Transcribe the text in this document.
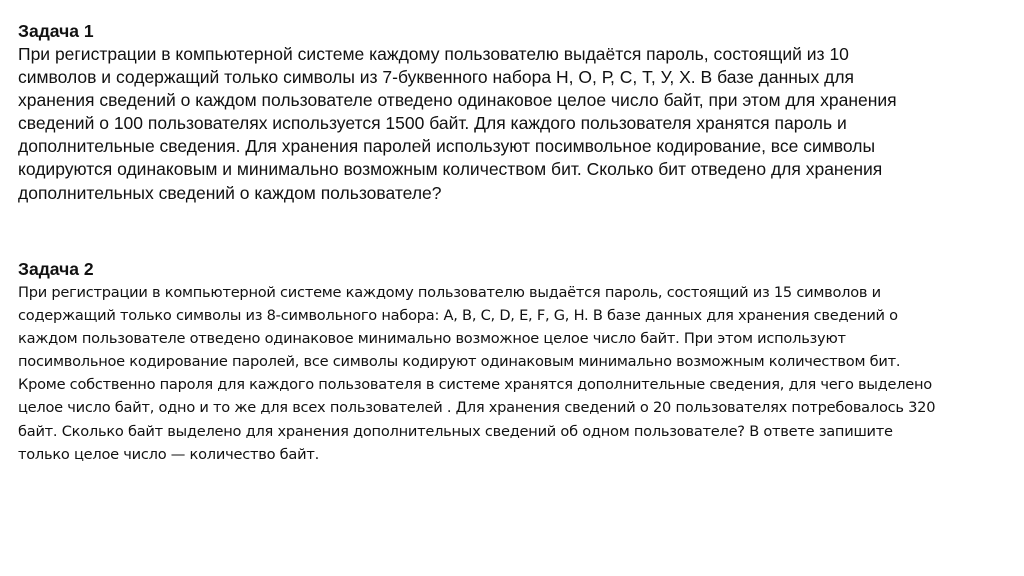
Задача 1

При регистрации в компьютерной системе каждому пользователю выдаётся пароль, состоящий из 10
символов и содержащий только символы из 7-буквенного набора Н, О, Р, С, Т, У, Х. В базе данных для
хранения сведений о каждом пользователе отведено одинаковое целое число байт, при этом для хранения
сведений о 100 пользователях используется 1500 байт. Для каждого пользователя хранятся пароль и
дополнительные сведения. Для хранения паролей используют посимвольное кодирование, все символы
кодируются одинаковым и минимально возможным количеством бит. Сколько бит отведено для хранения
дополнительных сведений о каждом пользователе?

Задача 2

При регистрации в компьютерной системе каждому пользователю выдаётся пароль, состоящий из 15 символов и
содержащий только символы из 8-символьного набора: А, В, C, D, Е, F, G, H. В базе данных для хранения сведений о
каждом пользователе отведено одинаковое минимально возможное целое число байт. При этом используют
посимвольное кодирование паролей, все символы кодируют одинаковым минимально возможным количеством бит.
Кроме собственно пароля для каждого пользователя в системе хранятся дополнительные сведения, для чего выделено
целое число байт, одно и то же для всех пользователей . Для хранения сведений о 20 пользователях потребовалось 320
байт. Сколько байт выделено для хранения дополнительных сведений об одном пользователе? В ответе запишите
только целое число — количество байт.
